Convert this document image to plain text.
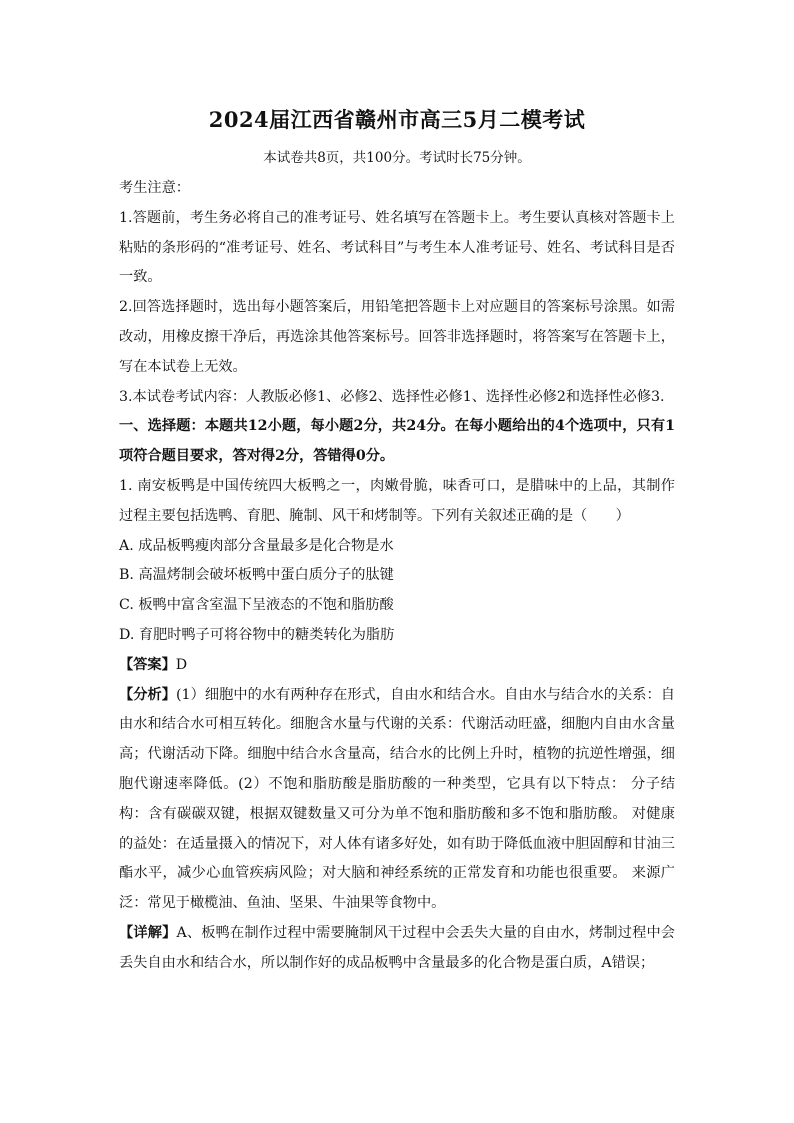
2024届江西省赣州市高三5月二模考试
本试卷共8页，共100分。考试时长75分钟。

考生注意：

1.答题前，考生务必将自己的准考证号、姓名填写在答题卡上。考生要认真核对答题卡上粘贴的条形码的“准考证号、姓名、考试科目”与考生本人准考证号、姓名、考试科目是否一致。

2.回答选择题时，选出每小题答案后，用铅笔把答题卡上对应题目的答案标号涂黑。如需改动，用橡皮擦干净后，再选涂其他答案标号。回答非选择题时，将答案写在答题卡上，写在本试卷上无效。

3.本试卷考试内容：人教版必修1、必修2、选择性必修1、选择性必修2和选择性必修3.

一、选择题：本题共12小题，每小题2分，共24分。在每小题给出的4个选项中，只有1项符合题目要求，答对得2分，答错得0分。

1. 南安板鸭是中国传统四大板鸭之一，肉嫩骨脆，味香可口，是腊味中的上品，其制作过程主要包括选鸭、育肥、腌制、风干和烤制等。下列有关叙述正确的是（　　）

A. 成品板鸭瘦肉部分含量最多是化合物是水

B. 高温烤制会破坏板鸭中蛋白质分子的肽键

C. 板鸭中富含室温下呈液态的不饱和脂肪酸

D. 育肥时鸭子可将谷物中的糖类转化为脂肪

【答案】D

【分析】(1）细胞中的水有两种存在形式，自由水和结合水。自由水与结合水的关系：自由水和结合水可相互转化。细胞含水量与代谢的关系：代谢活动旺盛，细胞内自由水含量高；代谢活动下降。细胞中结合水含量高，结合水的比例上升时，植物的抗逆性增强，细胞代谢速率降低。(2）不饱和脂肪酸是脂肪酸的一种类型，它具有以下特点： 分子结构：含有碳碳双键，根据双键数量又可分为单不饱和脂肪酸和多不饱和脂肪酸。 对健康的益处：在适量摄入的情况下，对人体有诸多好处，如有助于降低血液中胆固醇和甘油三酯水平，减少心血管疾病风险；对大脑和神经系统的正常发育和功能也很重要。 来源广泛：常见于橄榄油、鱼油、坚果、牛油果等食物中。

【详解】A、板鸭在制作过程中需要腌制风干过程中会丢失大量的自由水，烤制过程中会丢失自由水和结合水，所以制作好的成品板鸭中含量最多的化合物是蛋白质，A错误；
